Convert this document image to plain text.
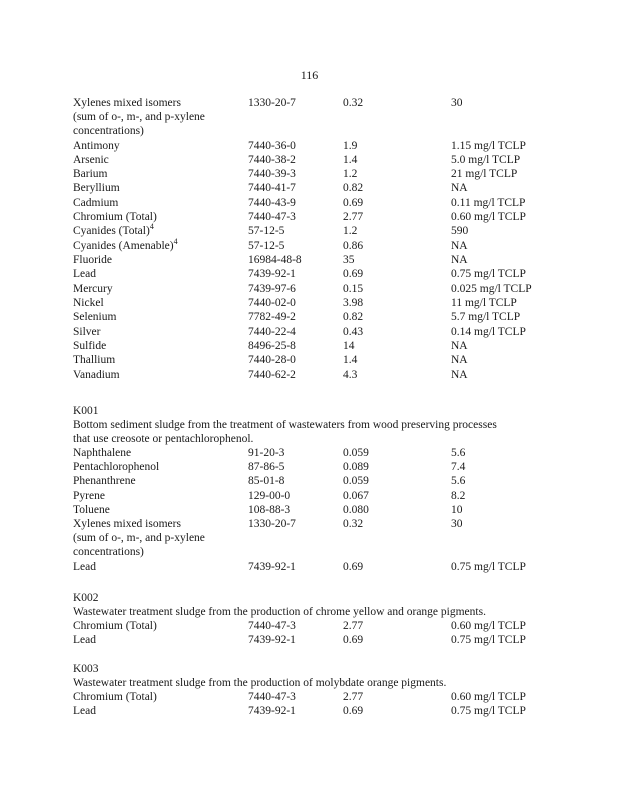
116
Xylenes mixed isomers	1330-20-7	0.32	30
(sum of o-, m-, and p-xylene
concentrations)
Antimony	7440-36-0	1.9	1.15 mg/l TCLP
Arsenic	7440-38-2	1.4	5.0 mg/l TCLP
Barium	7440-39-3	1.2	21 mg/l TCLP
Beryllium	7440-41-7	0.82	NA
Cadmium	7440-43-9	0.69	0.11 mg/l TCLP
Chromium (Total)	7440-47-3	2.77	0.60 mg/l TCLP
Cyanides (Total)$^4$	57-12-5	1.2	590
Cyanides (Amenable)$^4$	57-12-5	0.86	NA
Fluoride	16984-48-8	35	NA
Lead	7439-92-1	0.69	0.75 mg/l TCLP
Mercury	7439-97-6	0.15	0.025 mg/l TCLP
Nickel	7440-02-0	3.98	11 mg/l TCLP
Selenium	7782-49-2	0.82	5.7 mg/l TCLP
Silver	7440-22-4	0.43	0.14 mg/l TCLP
Sulfide	8496-25-8	14	NA
Thallium	7440-28-0	1.4	NA
Vanadium	7440-62-2	4.3	NA
K001
Bottom sediment sludge from the treatment of wastewaters from wood preserving processes
that use creosote or pentachlorophenol.
Naphthalene	91-20-3	0.059	5.6
Pentachlorophenol	87-86-5	0.089	7.4
Phenanthrene	85-01-8	0.059	5.6
Pyrene	129-00-0	0.067	8.2
Toluene	108-88-3	0.080	10
Xylenes mixed isomers	1330-20-7	0.32	30
(sum of o-, m-, and p-xylene
concentrations)
Lead	7439-92-1	0.69	0.75 mg/l TCLP
K002
Wastewater treatment sludge from the production of chrome yellow and orange pigments.
Chromium (Total)	7440-47-3	2.77	0.60 mg/l TCLP
Lead	7439-92-1	0.69	0.75 mg/l TCLP
K003
Wastewater treatment sludge from the production of molybdate orange pigments.
Chromium (Total)	7440-47-3	2.77	0.60 mg/l TCLP
Lead	7439-92-1	0.69	0.75 mg/l TCLP
